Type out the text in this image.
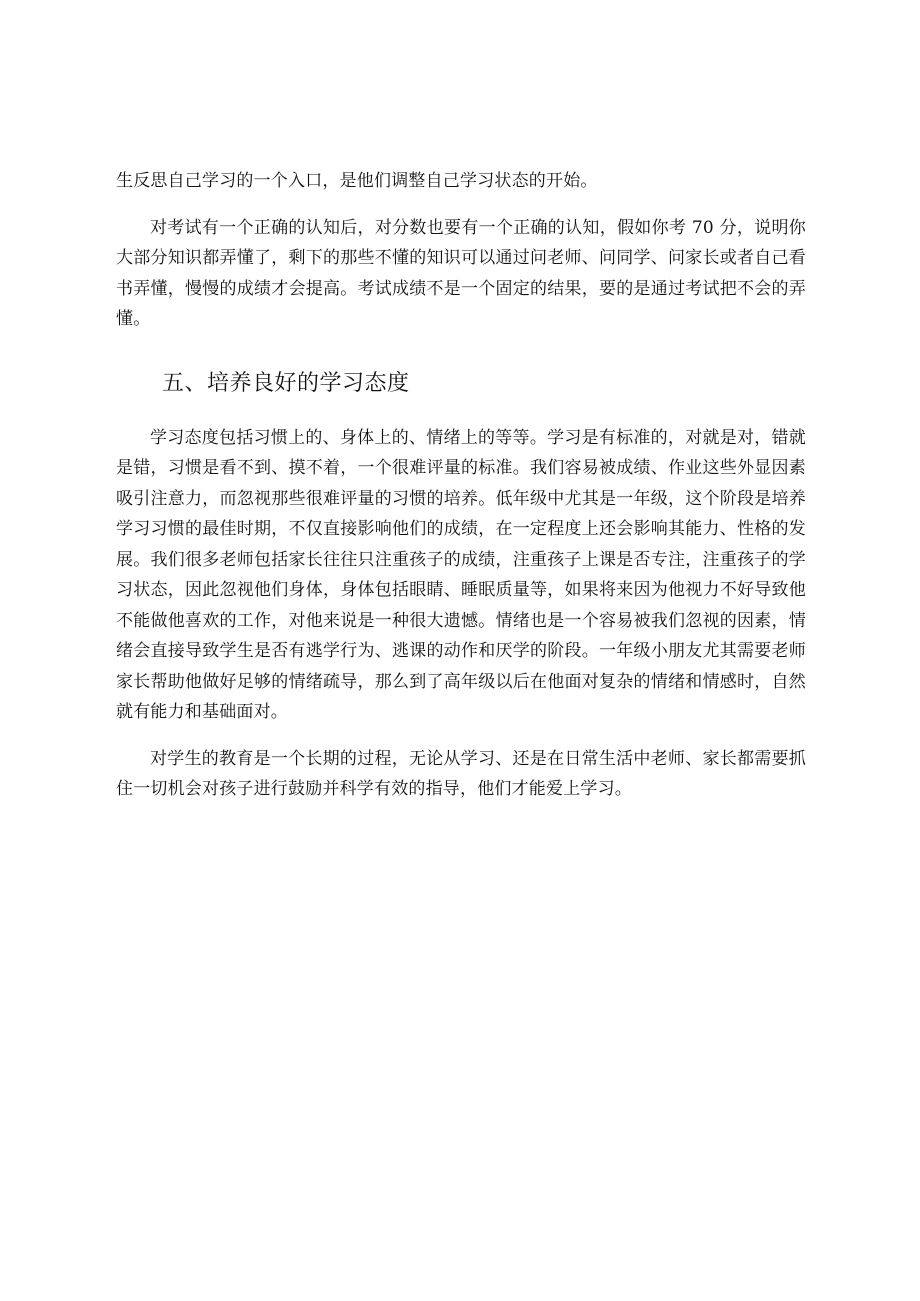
生反思自己学习的一个入口，是他们调整自己学习状态的开始。

对考试有一个正确的认知后，对分数也要有一个正确的认知，假如你考 70 分，说明你大部分知识都弄懂了，剩下的那些不懂的知识可以通过问老师、问同学、问家长或者自己看书弄懂，慢慢的成绩才会提高。考试成绩不是一个固定的结果，要的是通过考试把不会的弄懂。

五、培养良好的学习态度

学习态度包括习惯上的、身体上的、情绪上的等等。学习是有标准的，对就是对，错就是错，习惯是看不到、摸不着，一个很难评量的标准。我们容易被成绩、作业这些外显因素吸引注意力，而忽视那些很难评量的习惯的培养。低年级中尤其是一年级，这个阶段是培养学习习惯的最佳时期，不仅直接影响他们的成绩，在一定程度上还会影响其能力、性格的发展。我们很多老师包括家长往往只注重孩子的成绩，注重孩子上课是否专注，注重孩子的学习状态，因此忽视他们身体，身体包括眼睛、睡眠质量等，如果将来因为他视力不好导致他不能做他喜欢的工作，对他来说是一种很大遗憾。情绪也是一个容易被我们忽视的因素，情绪会直接导致学生是否有逃学行为、逃课的动作和厌学的阶段。一年级小朋友尤其需要老师家长帮助他做好足够的情绪疏导，那么到了高年级以后在他面对复杂的情绪和情感时，自然就有能力和基础面对。

对学生的教育是一个长期的过程，无论从学习、还是在日常生活中老师、家长都需要抓住一切机会对孩子进行鼓励并科学有效的指导，他们才能爱上学习。
